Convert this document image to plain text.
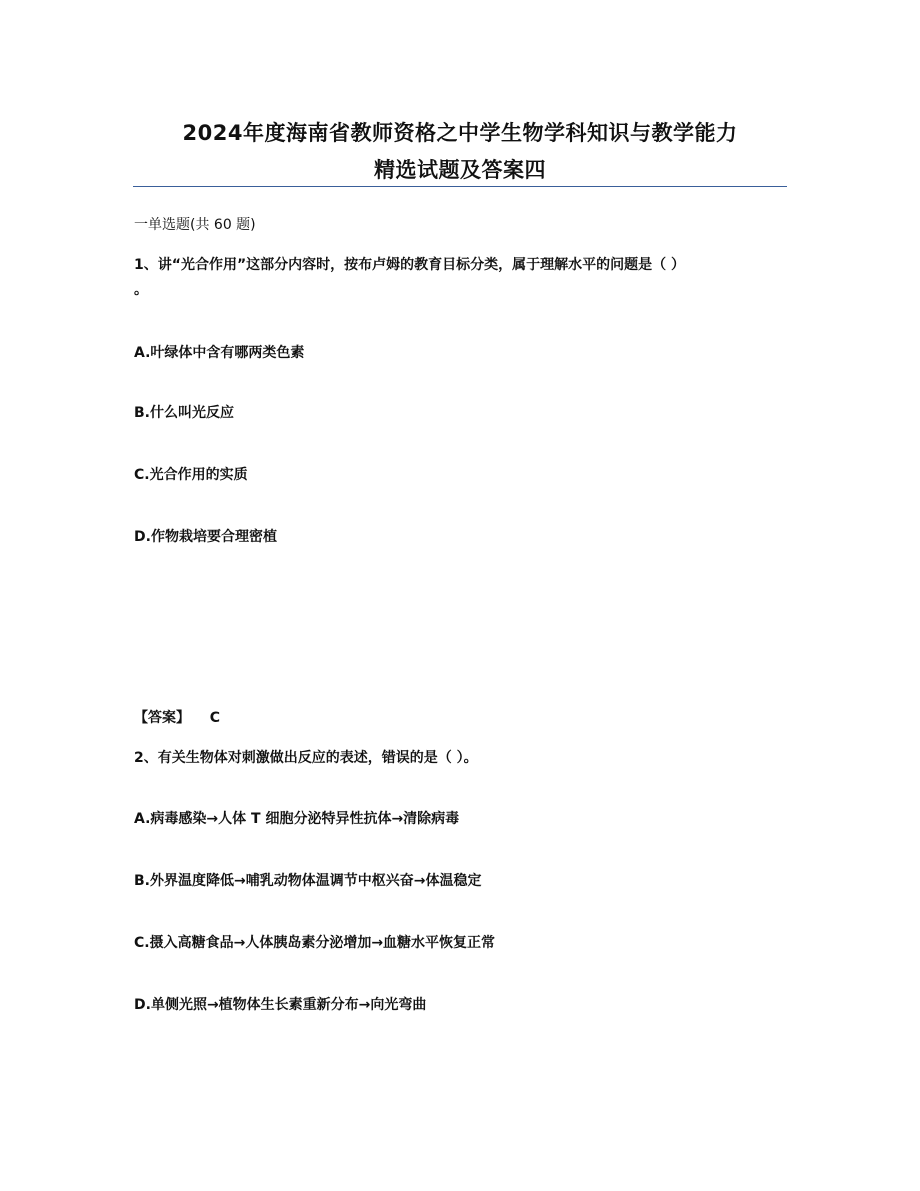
2024年度海南省教师资格之中学生物学科知识与教学能力
精选试题及答案四
一单选题(共 60 题)
1、讲“光合作用”这部分内容时，按布卢姆的教育目标分类，属于理解水平的问题是（ ）
。
A.叶绿体中含有哪两类色素
B.什么叫光反应
C.光合作用的实质
D.作物栽培要合理密植
【答案】 C
2、有关生物体对刺激做出反应的表述，错误的是（ ）。
A.病毒感染→人体 T 细胞分泌特异性抗体→清除病毒
B.外界温度降低→哺乳动物体温调节中枢兴奋→体温稳定
C.摄入高糖食品→人体胰岛素分泌增加→血糖水平恢复正常
D.单侧光照→植物体生长素重新分布→向光弯曲
